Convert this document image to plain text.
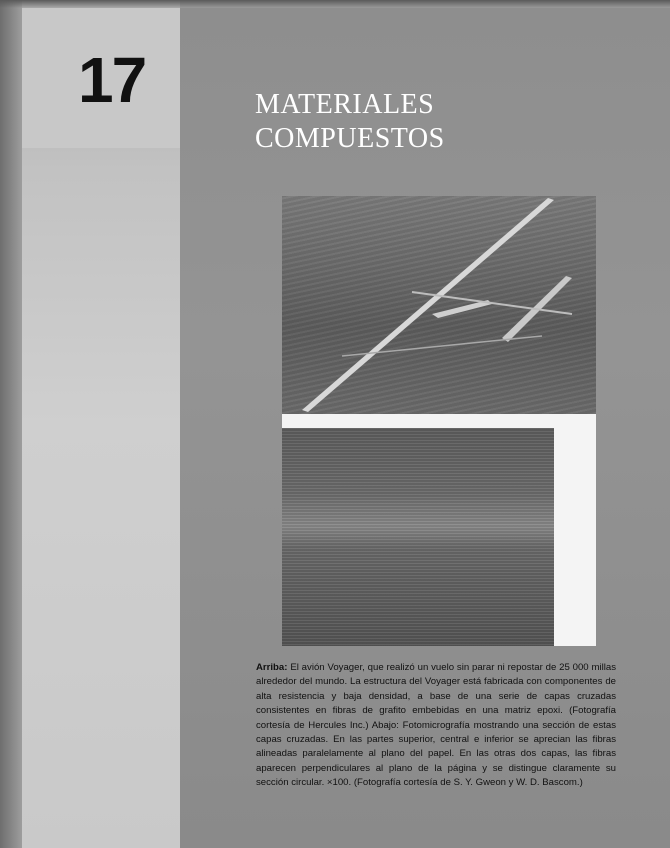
17	MATERIALES
COMPUESTOS
Arriba: El avión Voyager, que realizó un vuelo sin parar ni repostar de 25 000 millas alrededor del mundo. La estructura del Voyager está fabricada con componentes de alta resistencia y baja densidad, a base de una serie de capas cruzadas consistentes en fibras de grafito embebidas en una matriz epoxi. (Fotografía cortesía de Hercules Inc.) Abajo: Fotomicrografía mostrando una sección de estas capas cruzadas. En las partes superior, central e inferior se aprecian las fibras alineadas paralelamente al plano del papel. En las otras dos capas, las fibras aparecen perpendiculares al plano de la página y se distingue claramente su sección circular. ×100. (Fotografía cortesía de S. Y. Gweon y W. D. Bascom.)
